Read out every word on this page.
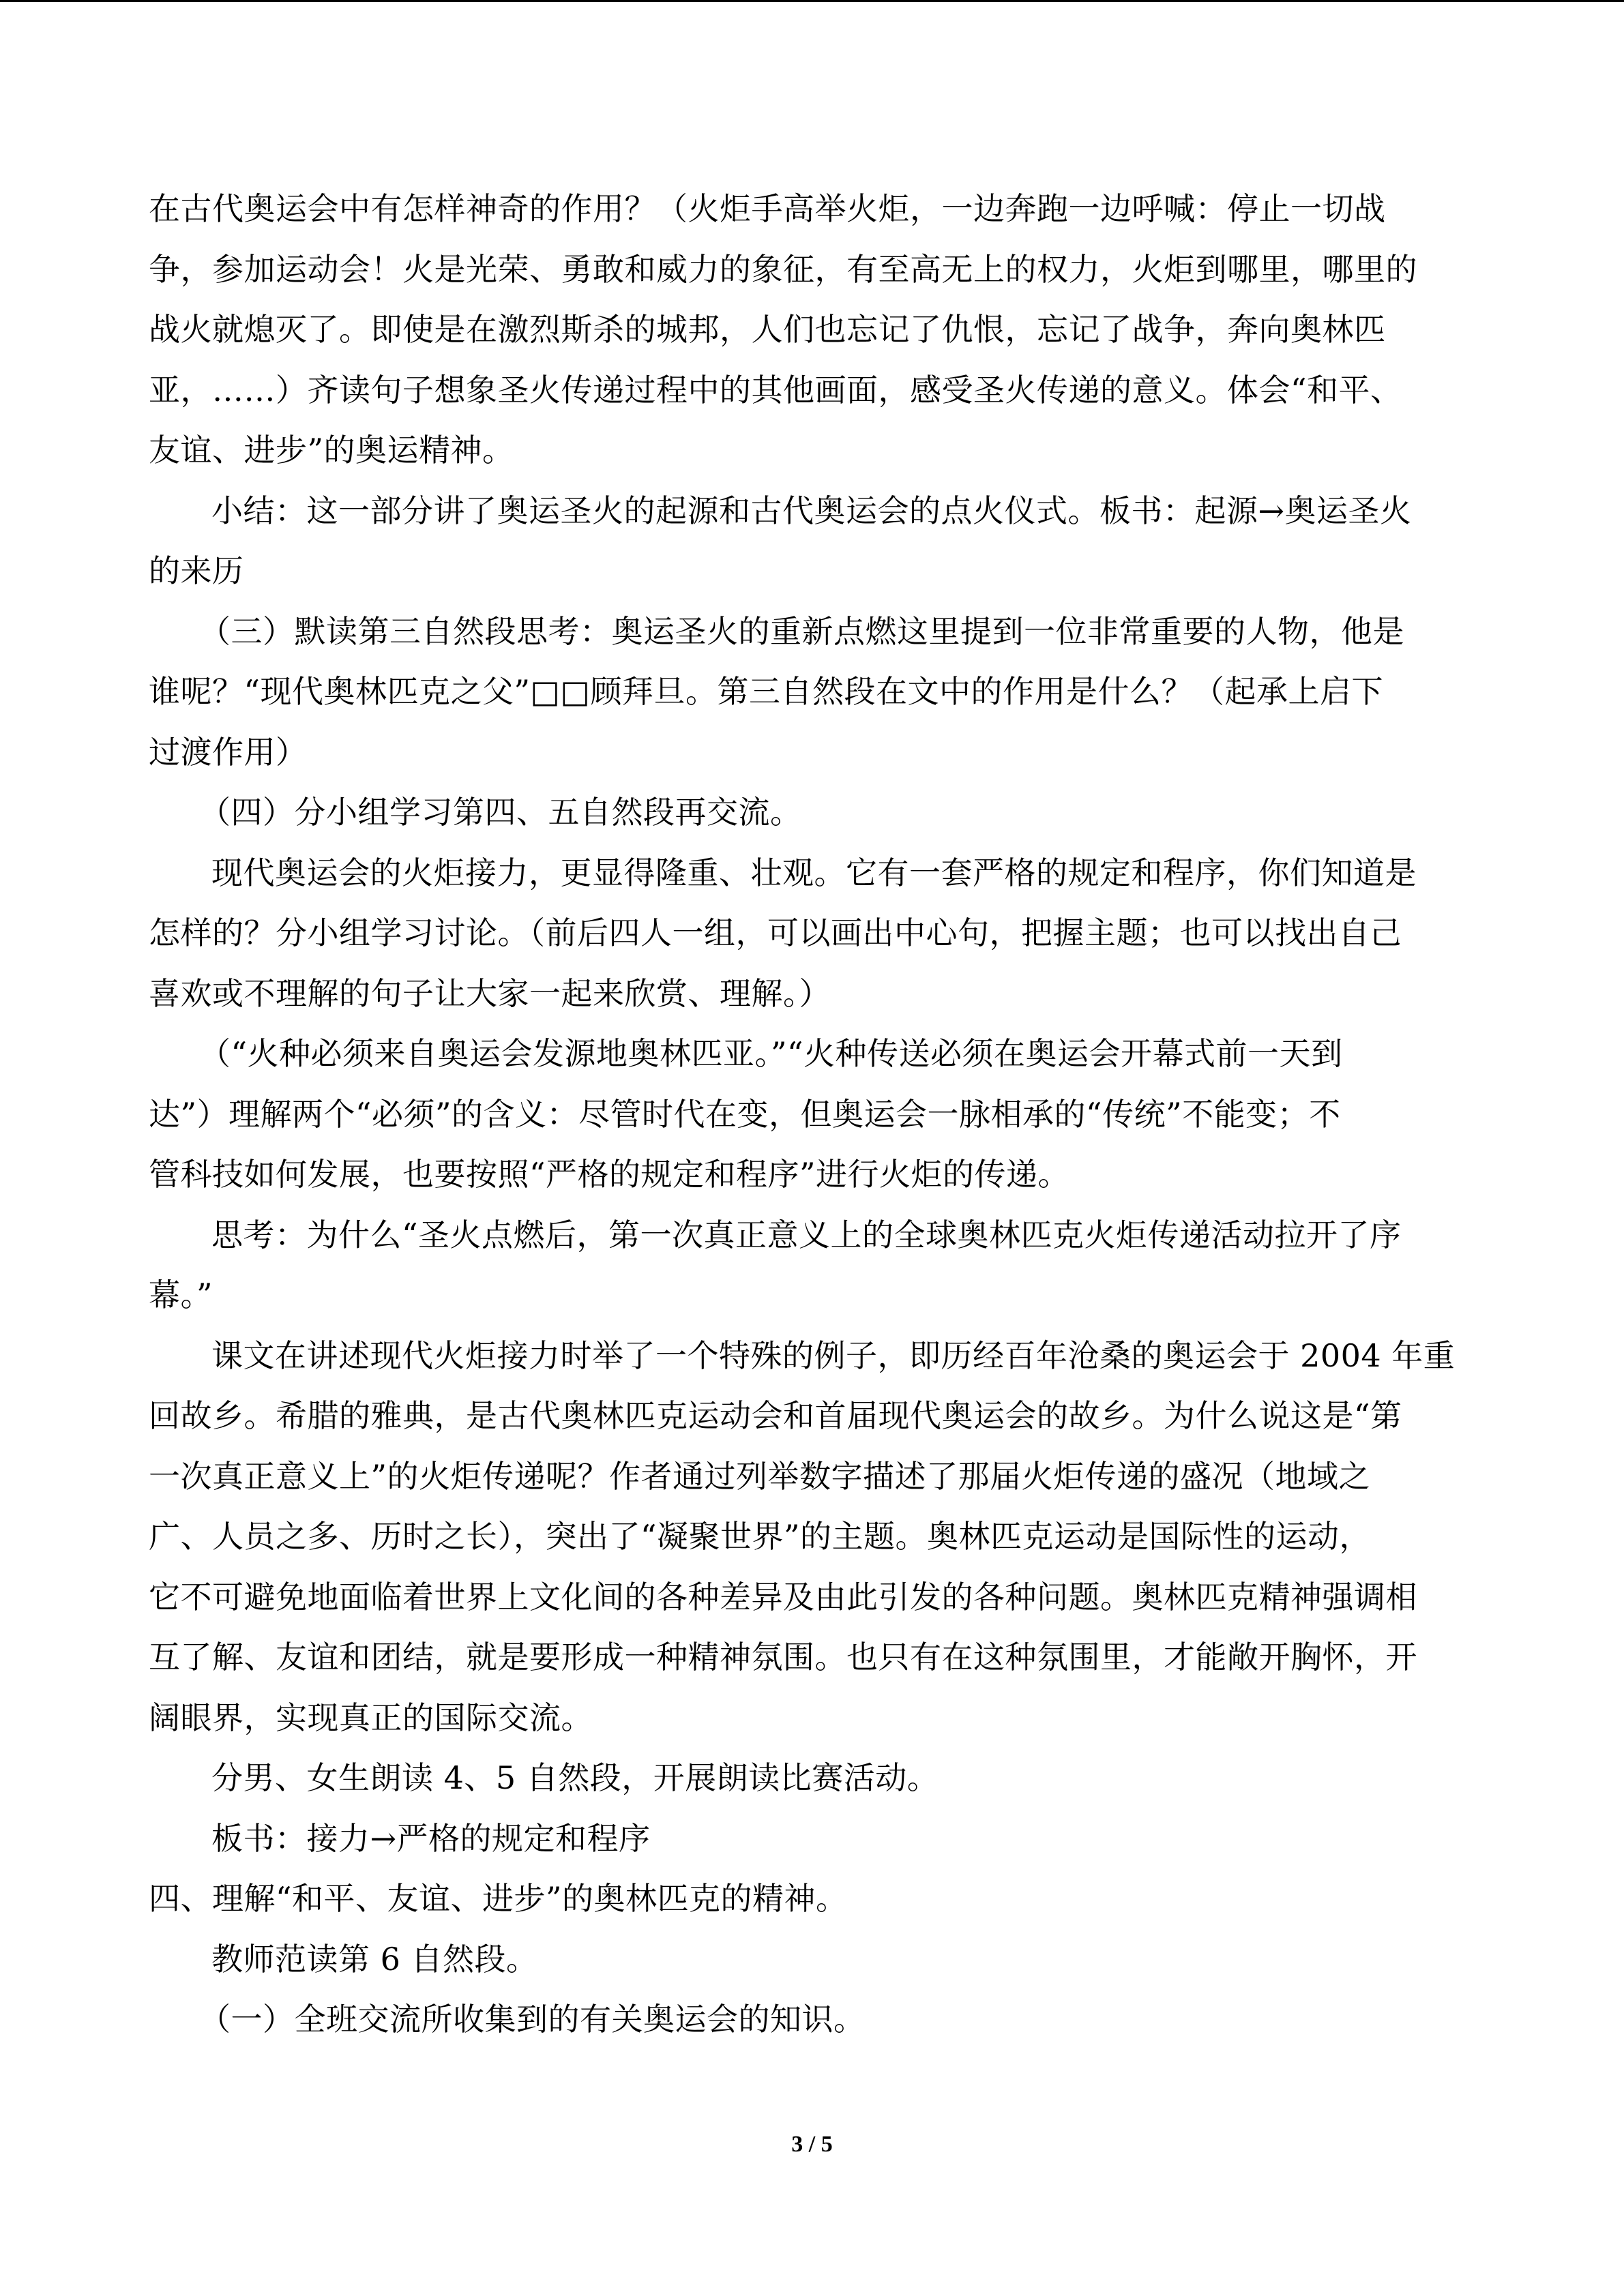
在古代奥运会中有怎样神奇的作用？（火炬手高举火炬，一边奔跑一边呼喊：停止一切战
争，参加运动会！火是光荣、勇敢和威力的象征，有至高无上的权力，火炬到哪里，哪里的
战火就熄灭了。即使是在激烈斯杀的城邦，人们也忘记了仇恨，忘记了战争，奔向奥林匹
亚，……）齐读句子想象圣火传递过程中的其他画面，感受圣火传递的意义。体会“和平、
友谊、进步”的奥运精神。
小结：这一部分讲了奥运圣火的起源和古代奥运会的点火仪式。板书：起源→奥运圣火
的来历
（三）默读第三自然段思考：奥运圣火的重新点燃这里提到一位非常重要的人物，他是
谁呢？“现代奥林匹克之父”□□顾拜旦。第三自然段在文中的作用是什么？（起承上启下
过渡作用）
（四）分小组学习第四、五自然段再交流。
现代奥运会的火炬接力，更显得隆重、壮观。它有一套严格的规定和程序，你们知道是
怎样的？分小组学习讨论。（前后四人一组，可以画出中心句，把握主题；也可以找出自己
喜欢或不理解的句子让大家一起来欣赏、理解。）
（“火种必须来自奥运会发源地奥林匹亚。”“火种传送必须在奥运会开幕式前一天到
达”）理解两个“必须”的含义：尽管时代在变，但奥运会一脉相承的“传统”不能变；不
管科技如何发展，也要按照“严格的规定和程序”进行火炬的传递。
思考：为什么“圣火点燃后，第一次真正意义上的全球奥林匹克火炬传递活动拉开了序
幕。”
课文在讲述现代火炬接力时举了一个特殊的例子，即历经百年沧桑的奥运会于 2004 年重
回故乡。希腊的雅典，是古代奥林匹克运动会和首届现代奥运会的故乡。为什么说这是“第
一次真正意义上”的火炬传递呢？作者通过列举数字描述了那届火炬传递的盛况（地域之
广、人员之多、历时之长），突出了“凝聚世界”的主题。奥林匹克运动是国际性的运动，
它不可避免地面临着世界上文化间的各种差异及由此引发的各种问题。奥林匹克精神强调相
互了解、友谊和团结，就是要形成一种精神氛围。也只有在这种氛围里，才能敞开胸怀，开
阔眼界，实现真正的国际交流。
分男、女生朗读 4、5 自然段，开展朗读比赛活动。
板书：接力→严格的规定和程序
四、理解“和平、友谊、进步”的奥林匹克的精神。
教师范读第 6 自然段。
（一）全班交流所收集到的有关奥运会的知识。
3 / 5
